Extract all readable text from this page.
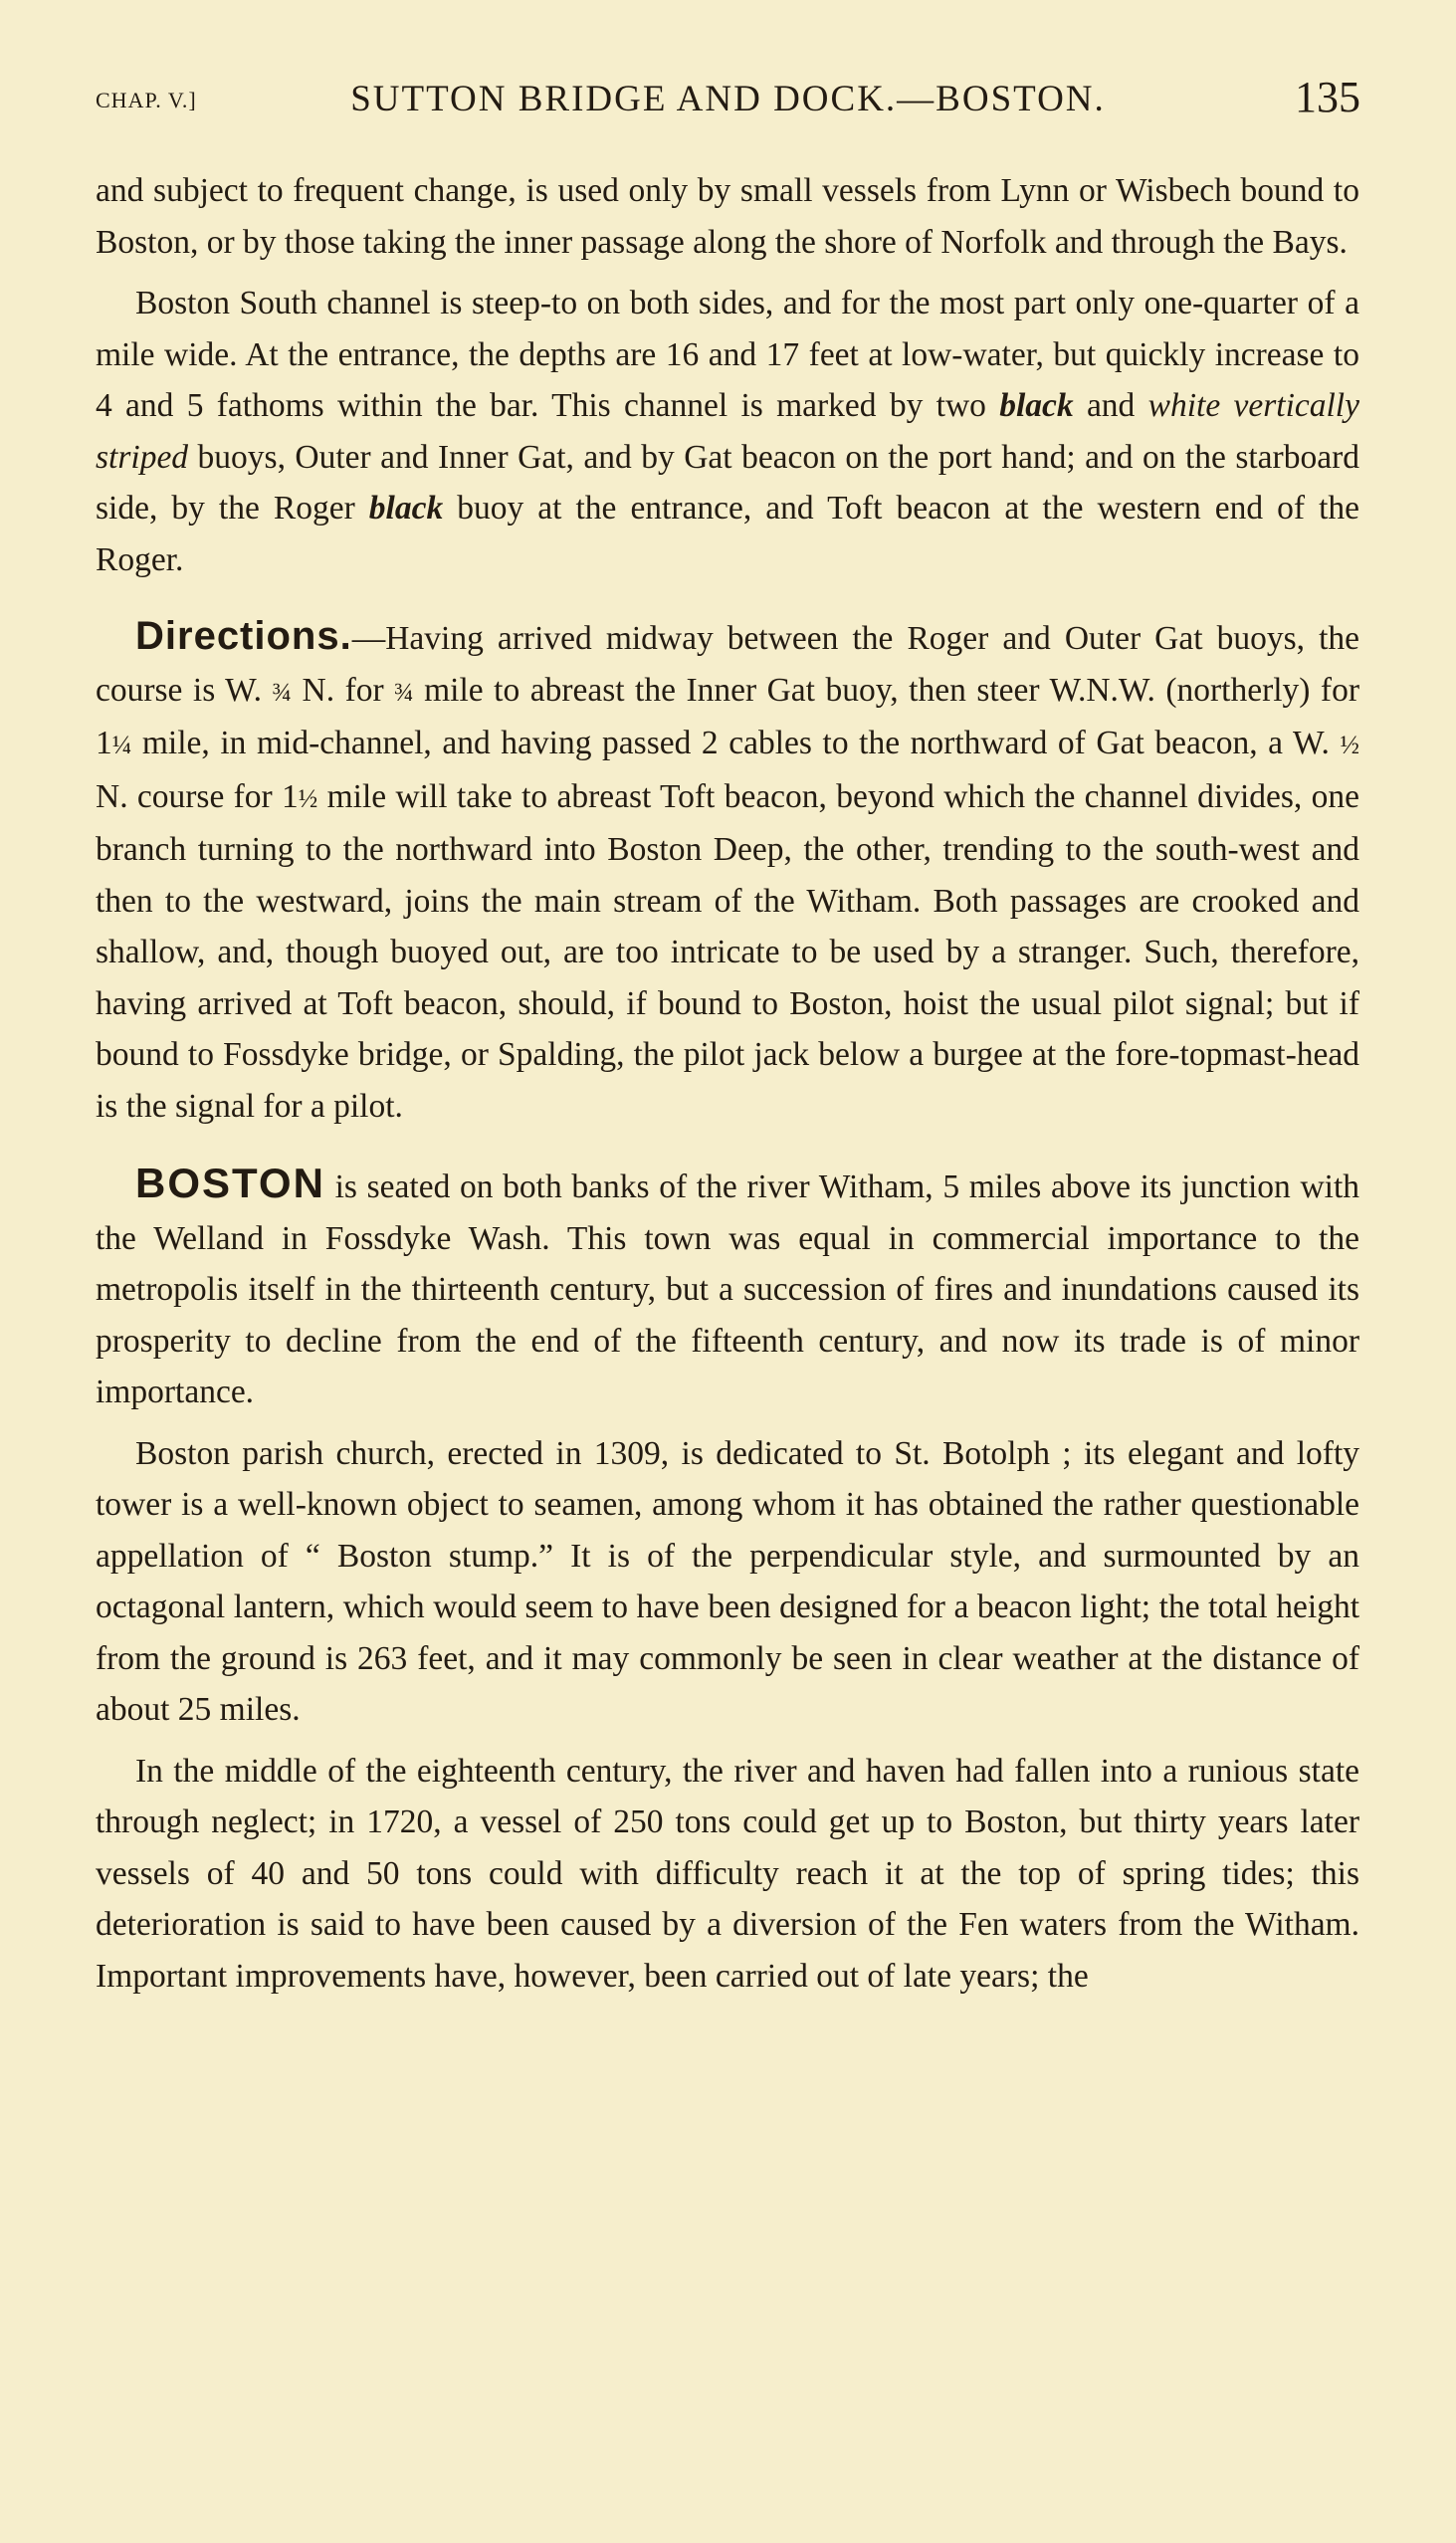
CHAP. V.]	SUTTON BRIDGE AND DOCK.—BOSTON.	135

and subject to frequent change, is used only by small vessels from Lynn or Wisbech bound to Boston, or by those taking the inner passage along the shore of Norfolk and through the Bays.

Boston South channel is steep-to on both sides, and for the most part only one-quarter of a mile wide. At the entrance, the depths are 16 and 17 feet at low-water, but quickly increase to 4 and 5 fathoms within the bar. This channel is marked by two black and white vertically striped buoys, Outer and Inner Gat, and by Gat beacon on the port hand; and on the starboard side, by the Roger black buoy at the entrance, and Toft beacon at the western end of the Roger.

Directions.—Having arrived midway between the Roger and Outer Gat buoys, the course is W. ¾ N. for ¾ mile to abreast the Inner Gat buoy, then steer W.N.W. (northerly) for 1¼ mile, in mid-channel, and having passed 2 cables to the northward of Gat beacon, a W. ½ N. course for 1½ mile will take to abreast Toft beacon, beyond which the channel divides, one branch turning to the northward into Boston Deep, the other, trending to the south-west and then to the westward, joins the main stream of the Witham. Both passages are crooked and shallow, and, though buoyed out, are too intricate to be used by a stranger. Such, therefore, having arrived at Toft beacon, should, if bound to Boston, hoist the usual pilot signal; but if bound to Fossdyke bridge, or Spalding, the pilot jack below a burgee at the fore-topmast-head is the signal for a pilot.

BOSTON is seated on both banks of the river Witham, 5 miles above its junction with the Welland in Fossdyke Wash. This town was equal in commercial importance to the metropolis itself in the thirteenth century, but a succession of fires and inundations caused its prosperity to decline from the end of the fifteenth century, and now its trade is of minor importance.

Boston parish church, erected in 1309, is dedicated to St. Botolph ; its elegant and lofty tower is a well-known object to seamen, among whom it has obtained the rather questionable appellation of “ Boston stump.” It is of the perpendicular style, and surmounted by an octagonal lantern, which would seem to have been designed for a beacon light; the total height from the ground is 263 feet, and it may commonly be seen in clear weather at the distance of about 25 miles.

In the middle of the eighteenth century, the river and haven had fallen into a runious state through neglect; in 1720, a vessel of 250 tons could get up to Boston, but thirty years later vessels of 40 and 50 tons could with difficulty reach it at the top of spring tides; this deterioration is said to have been caused by a diversion of the Fen waters from the Witham. Important improvements have, however, been carried out of late years; the
